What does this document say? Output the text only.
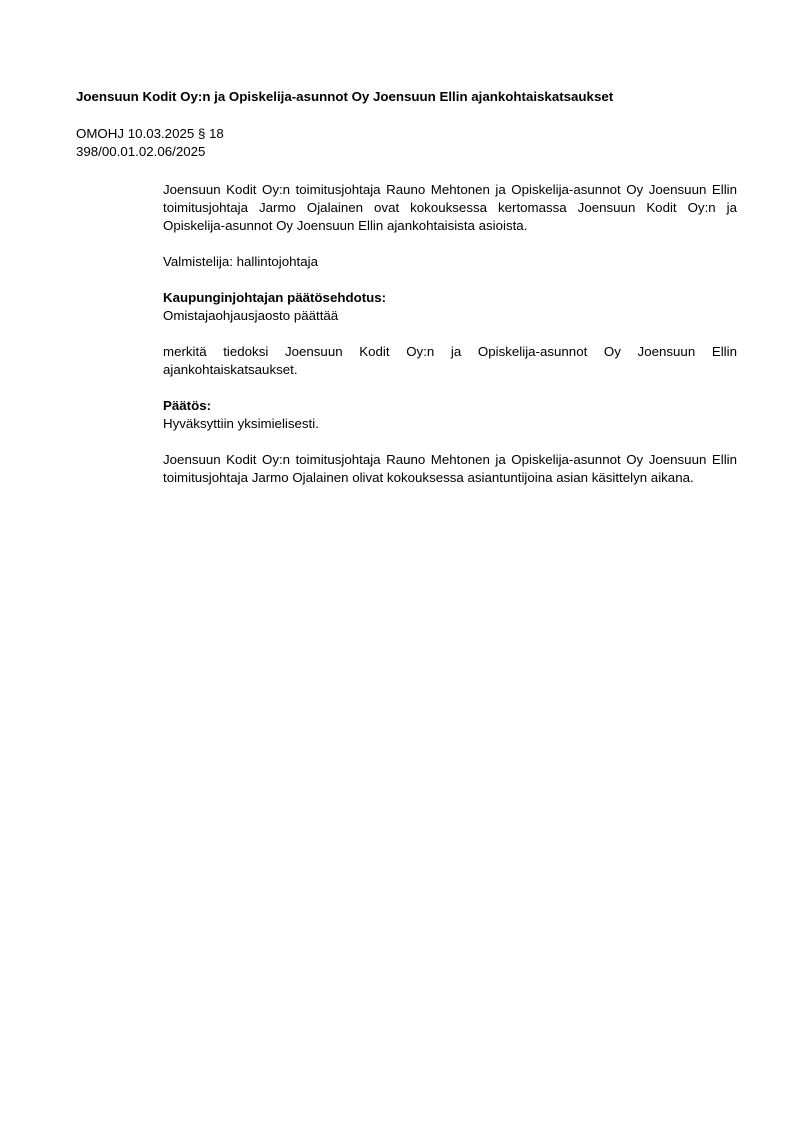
Joensuun Kodit Oy:n ja Opiskelija-asunnot Oy Joensuun Ellin ajankohtaiskatsaukset
OMOHJ 10.03.2025 § 18
398/00.01.02.06/2025

Joensuun Kodit Oy:n toimitusjohtaja Rauno Mehtonen ja Opiskelija-asunnot Oy Joensuun Ellin toimitusjohtaja Jarmo Ojalainen ovat kokouksessa kertomassa Joensuun Kodit Oy:n ja Opiskelija-asunnot Oy Joensuun Ellin ajankohtaisista asioista.

Valmistelija: hallintojohtaja

Kaupunginjohtajan päätösehdotus:

Omistajaohjausjaosto päättää

merkitä tiedoksi Joensuun Kodit Oy:n ja Opiskelija-asunnot Oy Joensuun Ellin ajankohtaiskatsaukset.

Päätös:

Hyväksyttiin yksimielisesti.

Joensuun Kodit Oy:n toimitusjohtaja Rauno Mehtonen ja Opiskelija-asunnot Oy Joensuun Ellin toimitusjohtaja Jarmo Ojalainen olivat kokouksessa asiantuntijoina asian käsittelyn aikana.
